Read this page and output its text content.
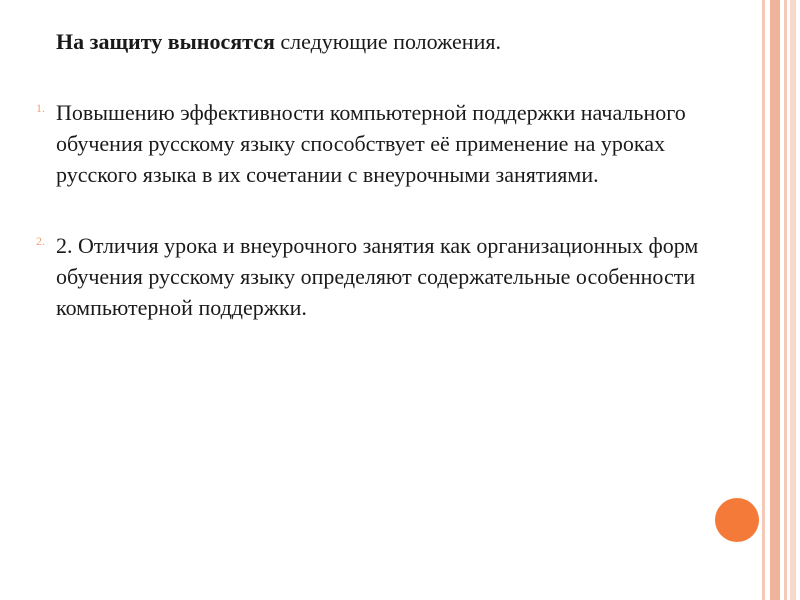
На защиту выносятся следующие положения.
1. Повышению эффективности компьютерной поддержки начального обучения русскому языку способствует её применение на уроках русского языка в их сочетании с внеурочными занятиями.
2. 2. Отличия урока и внеурочного занятия как организационных форм обучения русскому языку определяют содержательные особенности компьютерной поддержки.
